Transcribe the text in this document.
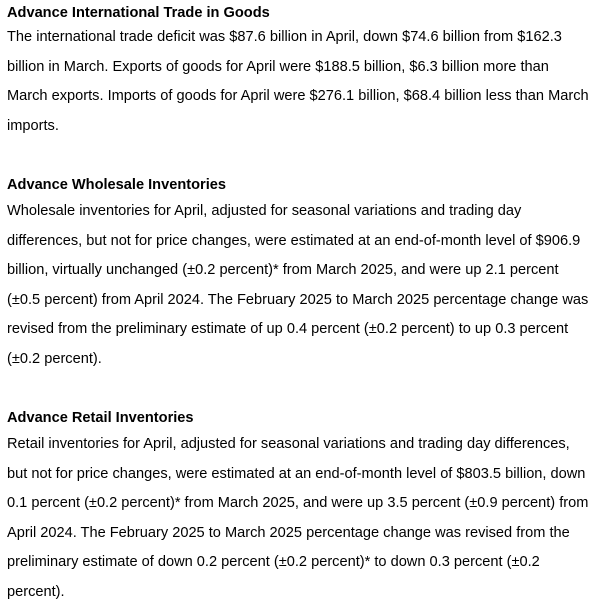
Advance International Trade in Goods

The international trade deficit was $87.6 billion in April, down $74.6 billion from $162.3 billion in March. Exports of goods for April were $188.5 billion, $6.3 billion more than March exports. Imports of goods for April were $276.1 billion, $68.4 billion less than March imports.

Advance Wholesale Inventories

Wholesale inventories for April, adjusted for seasonal variations and trading day differences, but not for price changes, were estimated at an end-of-month level of $906.9 billion, virtually unchanged (±0.2 percent)* from March 2025, and were up 2.1 percent (±0.5 percent) from April 2024. The February 2025 to March 2025 percentage change was revised from the preliminary estimate of up 0.4 percent (±0.2 percent) to up 0.3 percent (±0.2 percent).

Advance Retail Inventories

Retail inventories for April, adjusted for seasonal variations and trading day differences, but not for price changes, were estimated at an end-of-month level of $803.5 billion, down 0.1 percent (±0.2 percent)* from March 2025, and were up 3.5 percent (±0.9 percent) from April 2024. The February 2025 to March 2025 percentage change was revised from the preliminary estimate of down 0.2 percent (±0.2 percent)* to down 0.3 percent (±0.2 percent).
